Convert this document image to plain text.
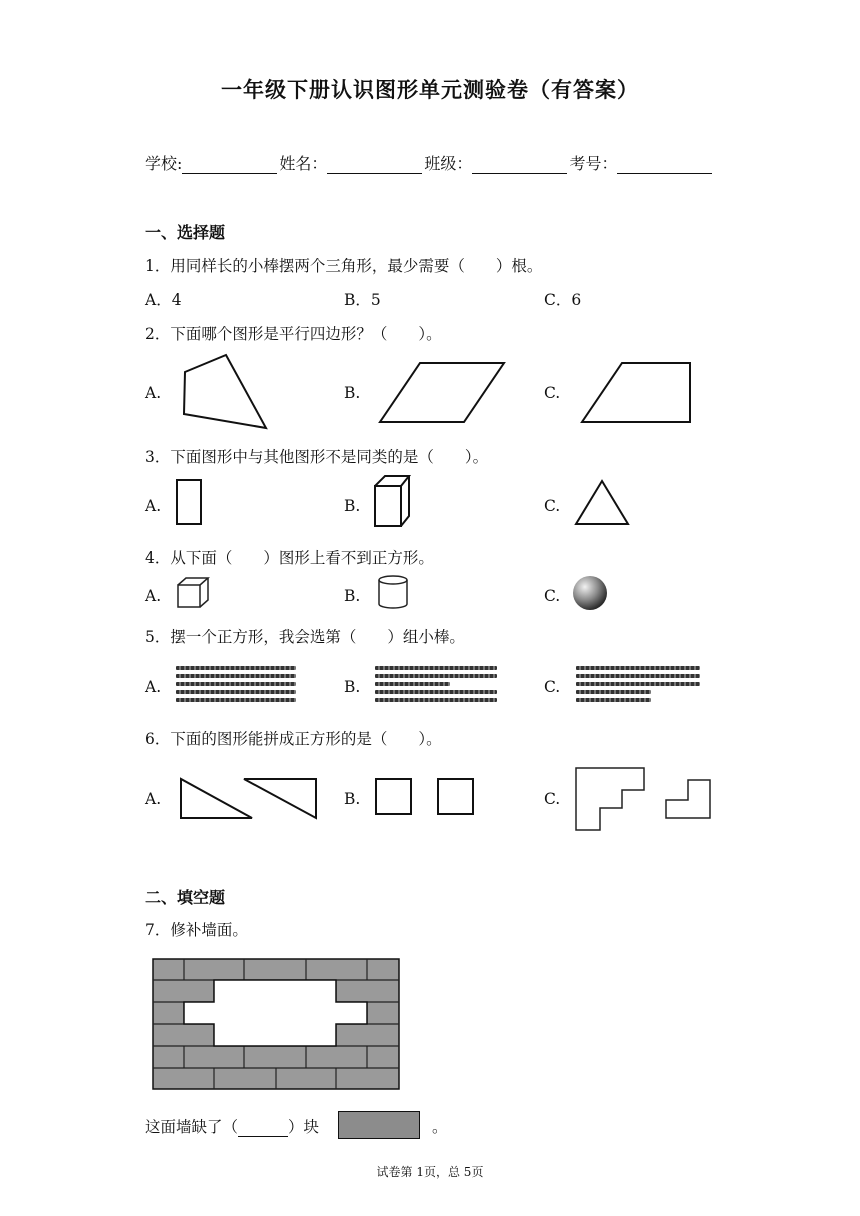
一年级下册认识图形单元测验卷（有答案）
学校:	姓名：	班级：	考号：
一、选择题
1．用同样长的小棒摆两个三角形，最少需要（　　）根。
A．4	B．5	C．6
2．下面哪个图形是平行四边形？（　　）。
A.	B.	C.
3．下面图形中与其他图形不是同类的是（　　）。
A.	B.	C.
4．从下面（　　）图形上看不到正方形。
A.	B.	C.
5．摆一个正方形，我会选第（　　）组小棒。
A.	B.	C.
6．下面的图形能拼成正方形的是（　　）。
A.	B.	C.
二、填空题
7．修补墙面。
这面墙缺了（	）块	。
试卷第 1页，总 5页
